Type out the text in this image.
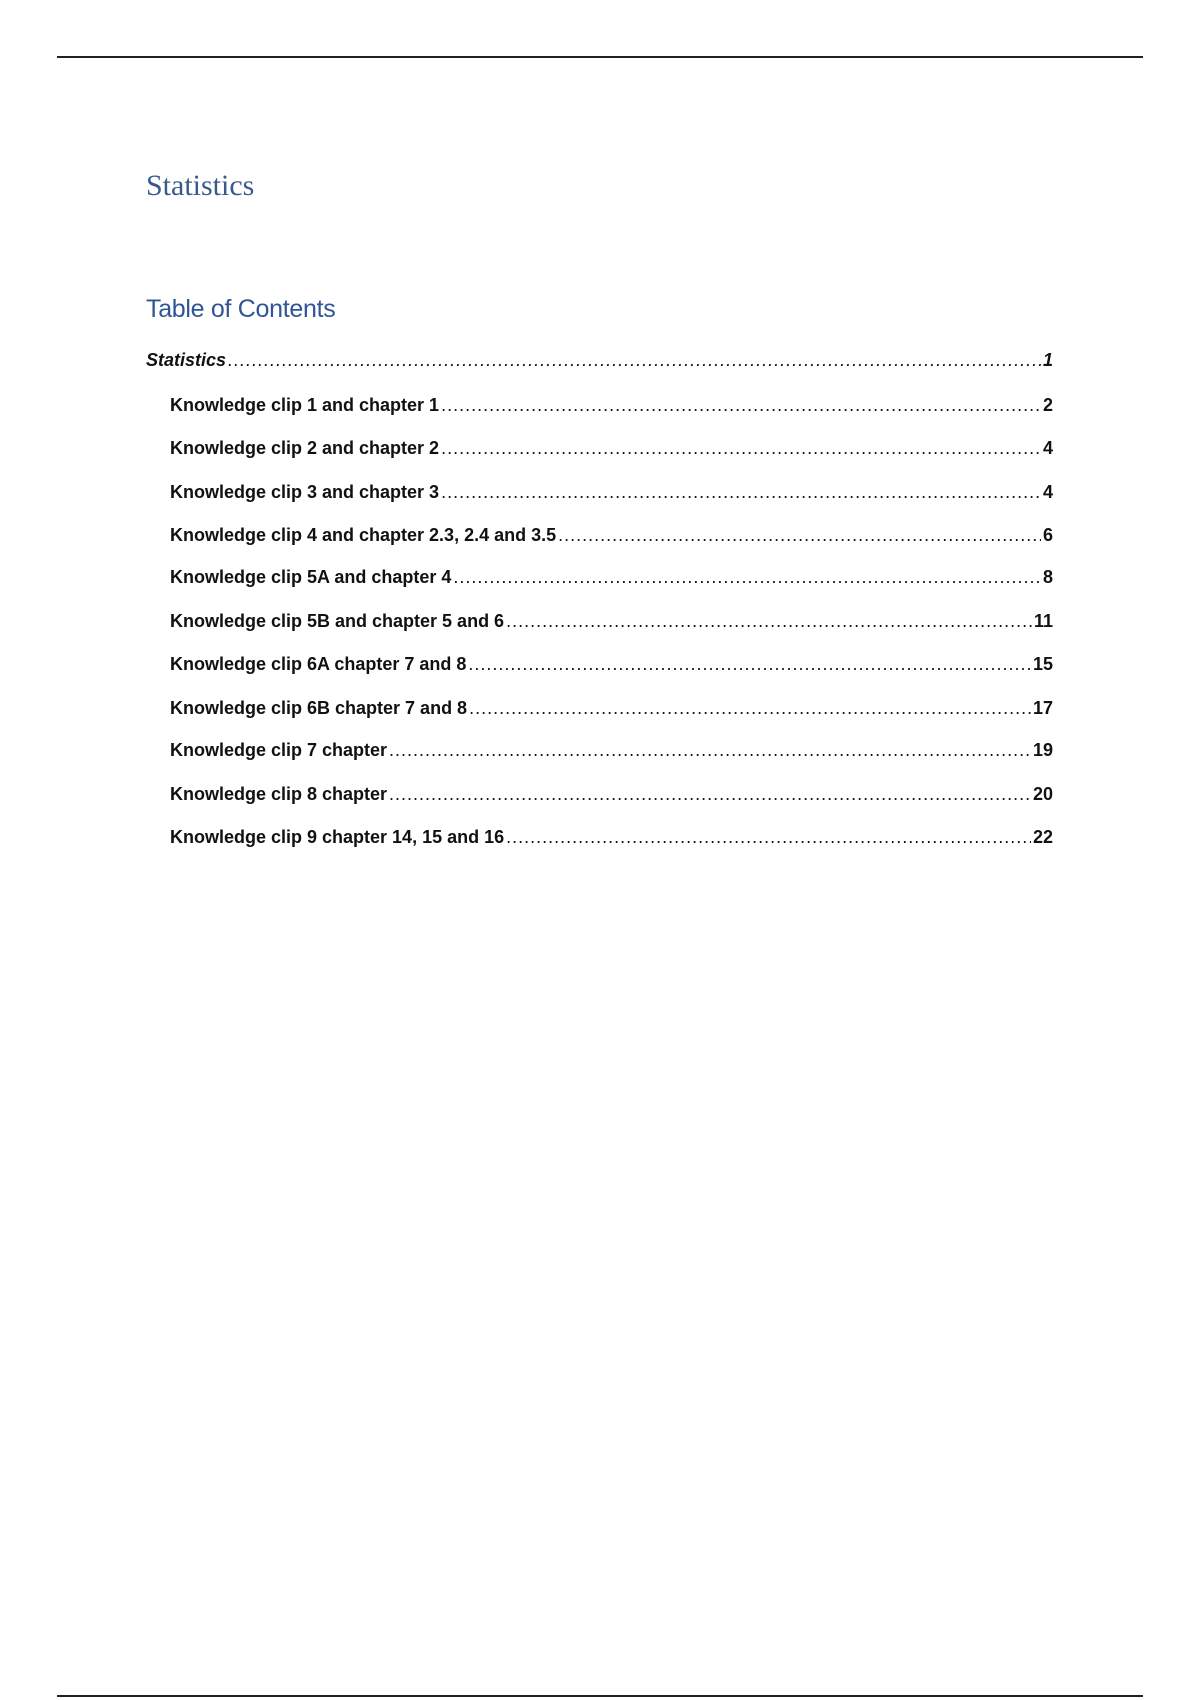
Statistics
Table of Contents
Statistics .....	1
Knowledge clip 1 and chapter 1 .....	2
Knowledge clip 2 and chapter 2 .....	4
Knowledge clip 3 and chapter 3 .....	4
Knowledge clip 4 and chapter 2.3, 2.4 and 3.5 .....	6
Knowledge clip 5A and chapter 4 .....	8
Knowledge clip 5B and chapter 5 and 6 .....	11
Knowledge clip 6A chapter 7 and 8 .....	15
Knowledge clip 6B chapter 7 and 8 .....	17
Knowledge clip 7 chapter .....	19
Knowledge clip 8 chapter .....	20
Knowledge clip 9 chapter 14, 15 and 16 .....	22
